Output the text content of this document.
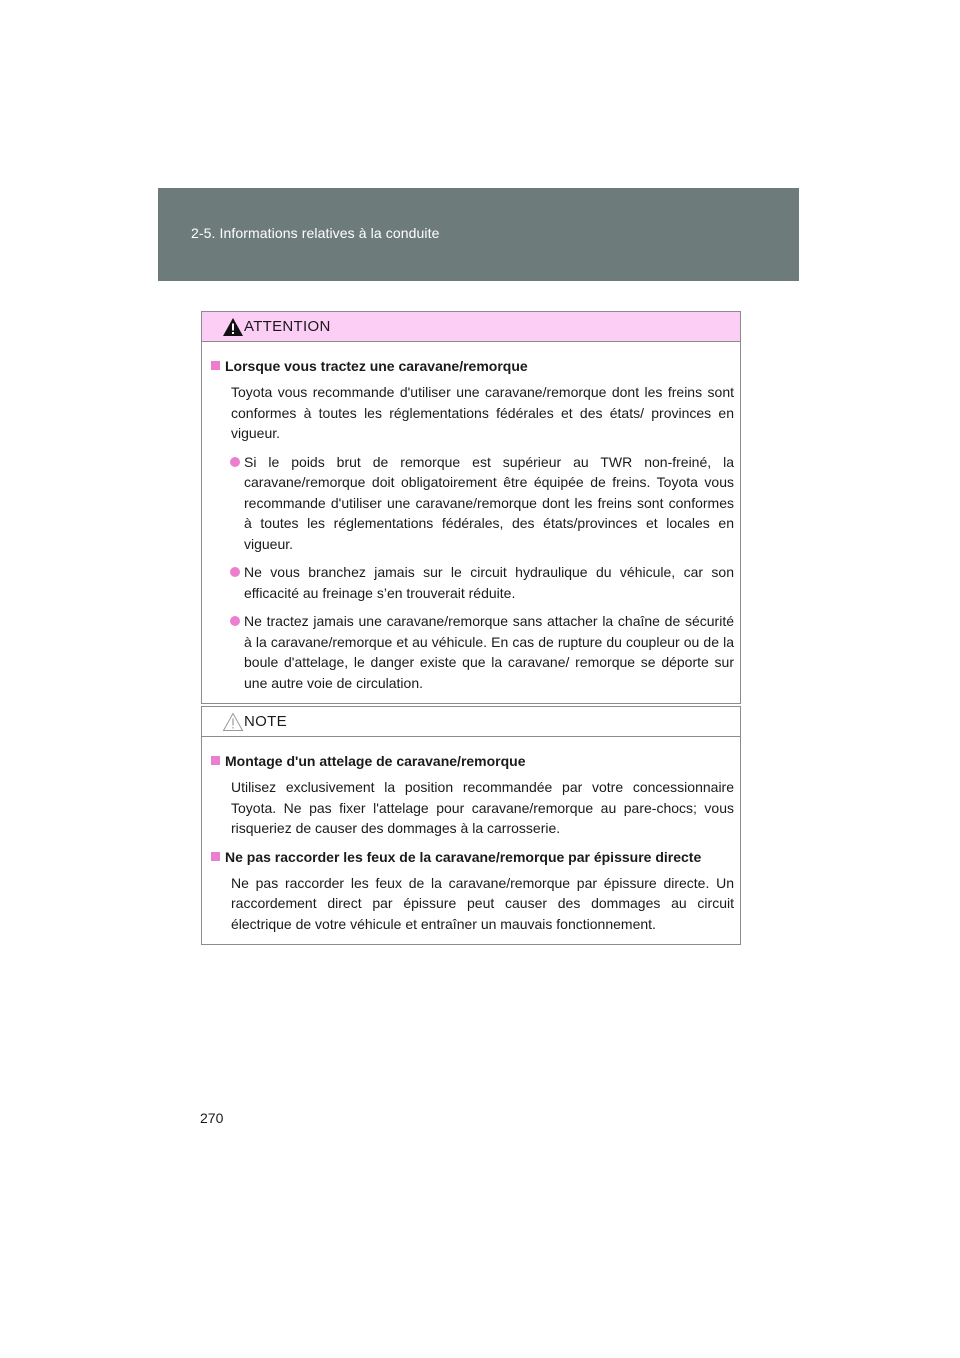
2-5. Informations relatives à la conduite
ATTENTION
Lorsque vous tractez une caravane/remorque

Toyota vous recommande d'utiliser une caravane/remorque dont les freins sont conformes à toutes les réglementations fédérales et des états/ provinces en vigueur.

Si le poids brut de remorque est supérieur au TWR non-freiné, la caravane/remorque doit obligatoirement être équipée de freins. Toyota vous recommande d'utiliser une caravane/remorque dont les freins sont conformes à toutes les réglementations fédérales, des états/provinces et locales en vigueur.

Ne vous branchez jamais sur le circuit hydraulique du véhicule, car son efficacité au freinage s’en trouverait réduite.

Ne tractez jamais une caravane/remorque sans attacher la chaîne de sécurité à la caravane/remorque et au véhicule. En cas de rupture du coupleur ou de la boule d'attelage, le danger existe que la caravane/ remorque se déporte sur une autre voie de circulation.

NOTE
Montage d'un attelage de caravane/remorque

Utilisez exclusivement la position recommandée par votre concessionnaire Toyota. Ne pas fixer l'attelage pour caravane/remorque au pare-chocs; vous risqueriez de causer des dommages à la carrosserie.

Ne pas raccorder les feux de la caravane/remorque par épissure directe

Ne pas raccorder les feux de la caravane/remorque par épissure directe. Un raccordement direct par épissure peut causer des dommages au circuit électrique de votre véhicule et entraîner un mauvais fonctionnement.

270
